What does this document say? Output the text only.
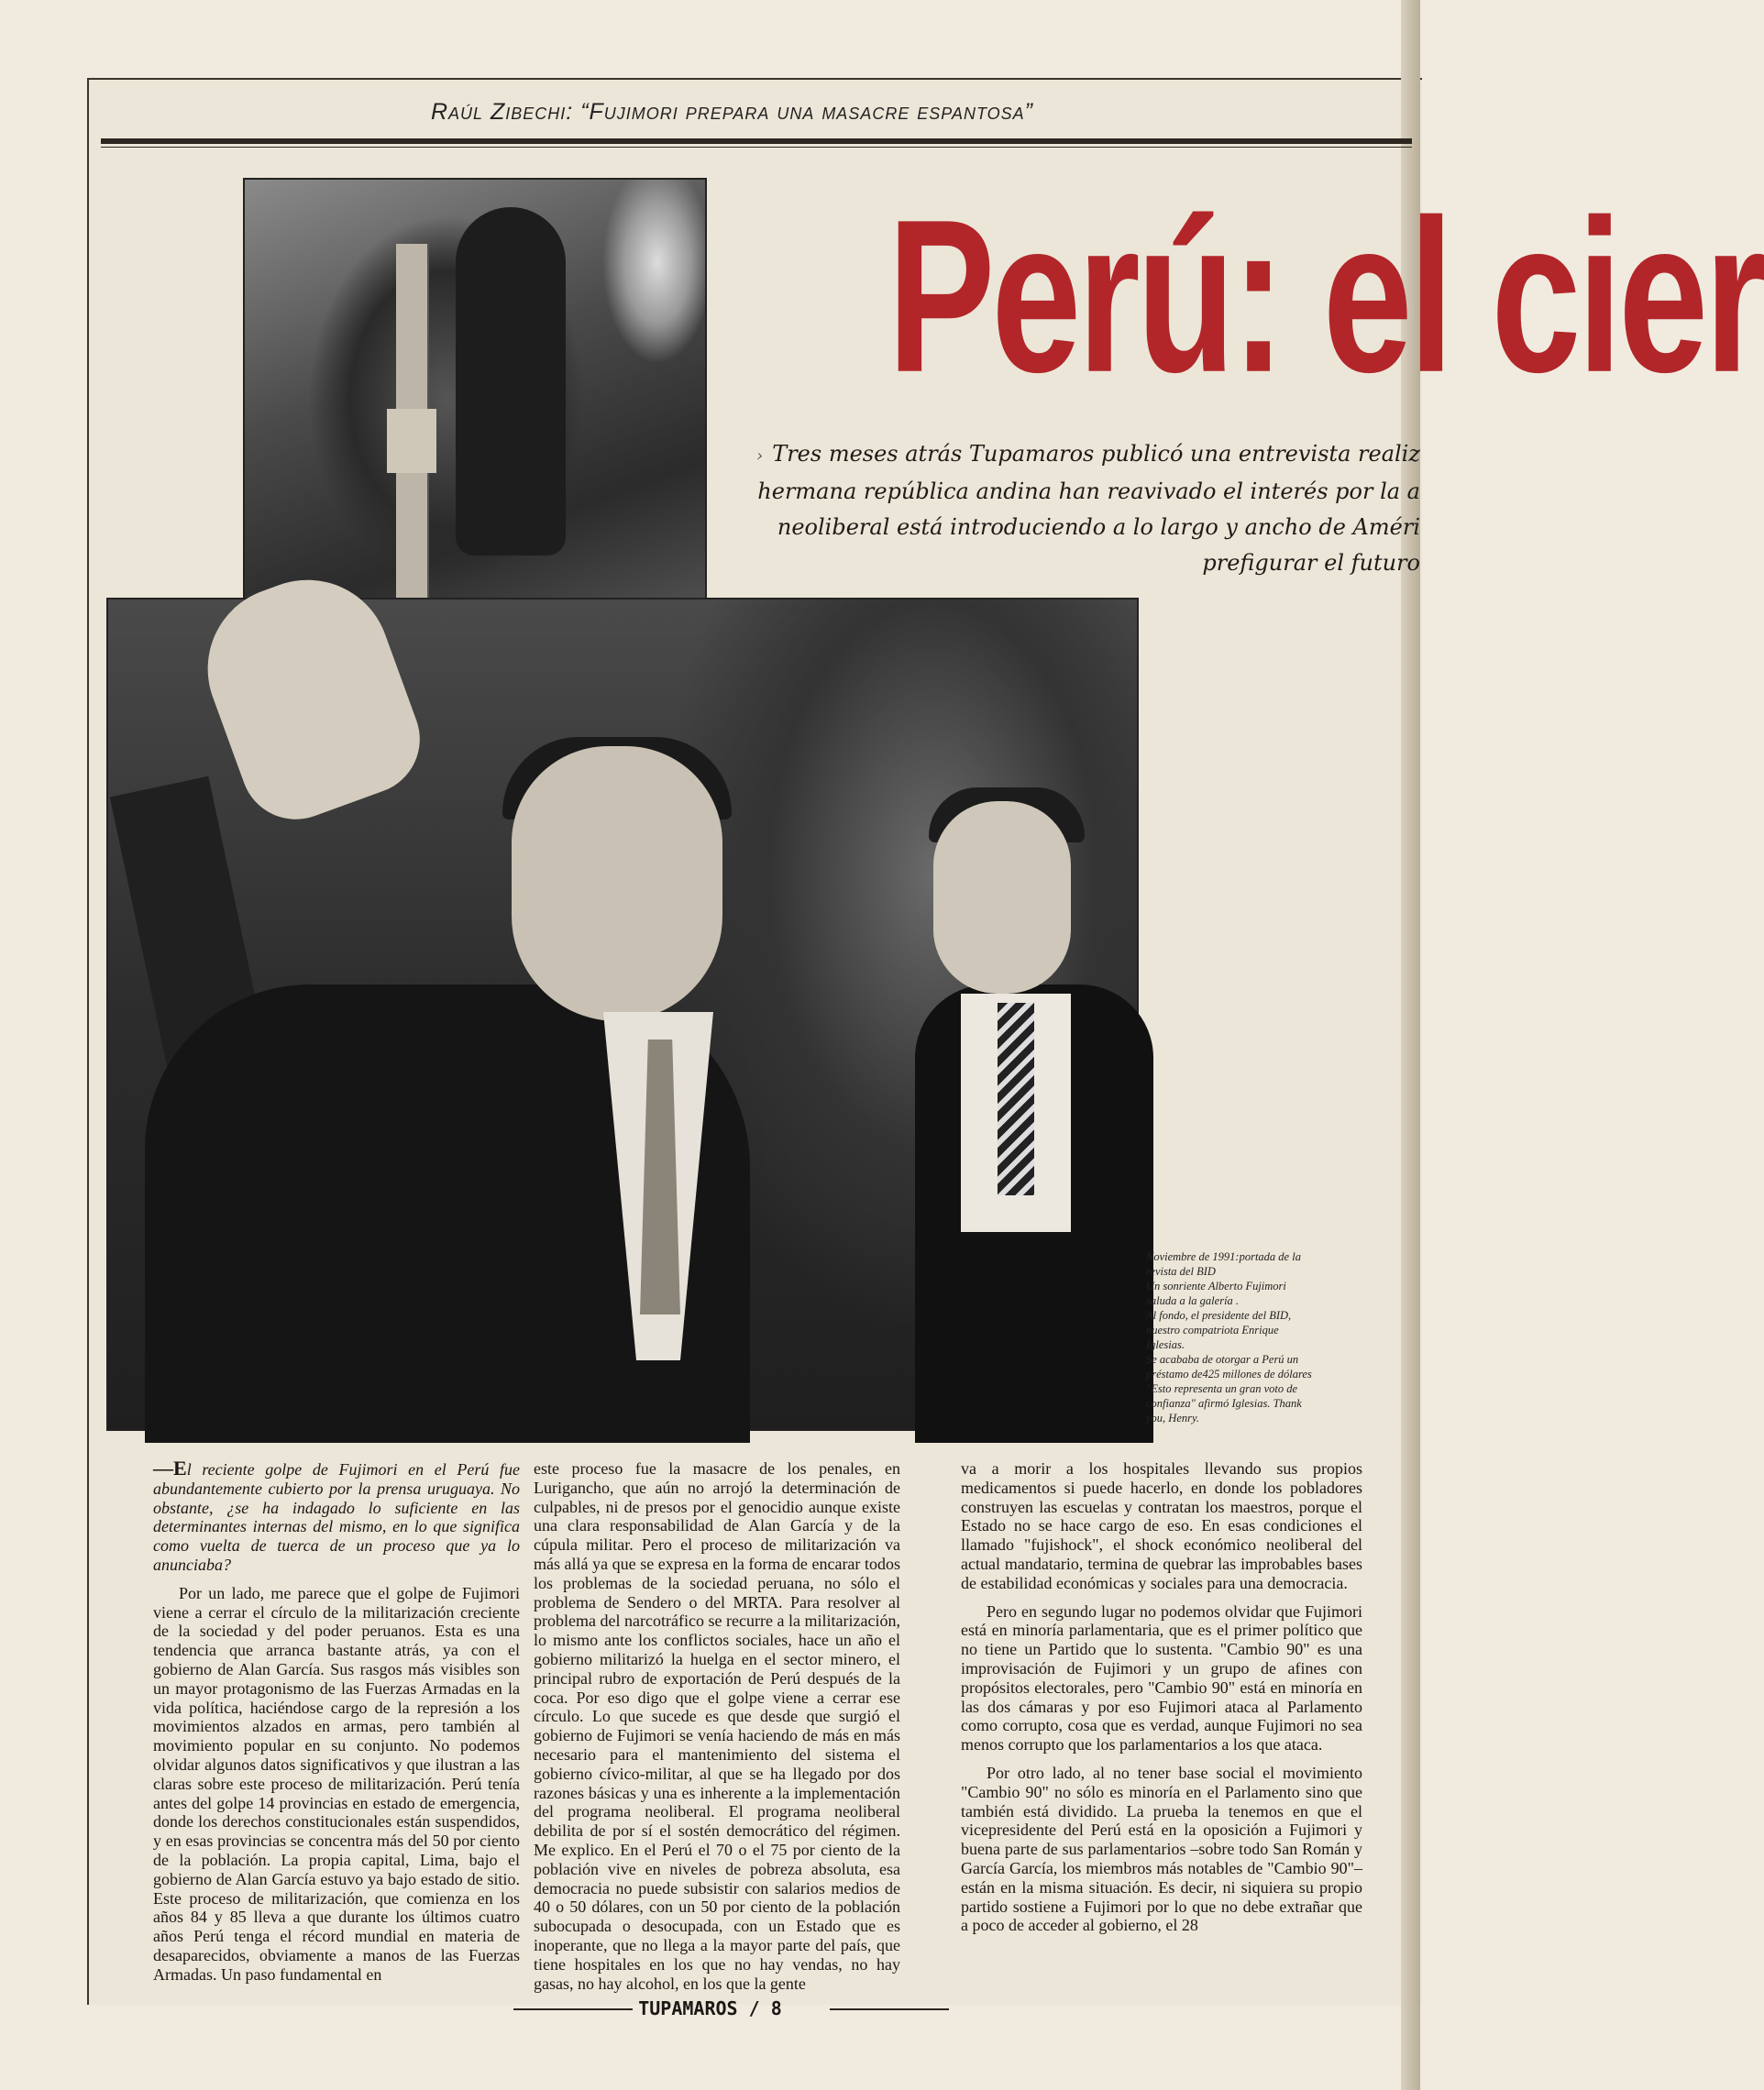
Raúl Zibechi: “Fujimori prepara una masacre espantosa”
Perú: el cier
› Tres meses atrás Tupamaros publicó una entrevista realiz
hermana república andina han reavivado el interés por la a
neoliberal está introduciendo a lo largo y ancho de Améri
prefigurar el futuro
Noviembre de 1991:portada de la
revista del BID
Un sonriente Alberto Fujimori
saluda a la galería .
Al fondo, el presidente del BID,
nuestro compatriota Enrique
Iglesias.
Se acababa de otorgar a Perú un
préstamo de425 millones de dólares
"Esto representa un gran voto de
confianza" afirmó Iglesias. Thank
you, Henry.

—El reciente golpe de Fujimori en el Perú fue abundantemente cubierto por la prensa uruguaya. No obstante, ¿se ha indagado lo suficiente en las determinantes internas del mismo, en lo que significa como vuelta de tuerca de un proceso que ya lo anunciaba?

Por un lado, me parece que el golpe de Fujimori viene a cerrar el círculo de la militarización creciente de la sociedad y del poder peruanos. Esta es una tendencia que arranca bastante atrás, ya con el gobierno de Alan García. Sus rasgos más visibles son un mayor protagonismo de las Fuerzas Armadas en la vida política, haciéndose cargo de la represión a los movimientos alzados en armas, pero también al movimiento popular en su conjunto. No podemos olvidar algunos datos significativos y que ilustran a las claras sobre este proceso de militarización. Perú tenía antes del golpe 14 provincias en estado de emergencia, donde los derechos constitucionales están suspendidos, y en esas provincias se concentra más del 50 por ciento de la población. La propia capital, Lima, bajo el gobierno de Alan García estuvo ya bajo estado de sitio. Este proceso de militarización, que comienza en los años 84 y 85 lleva a que durante los últimos cuatro años Perú tenga el récord mundial en materia de desaparecidos, obviamente a manos de las Fuerzas Armadas. Un paso fundamental en

este proceso fue la masacre de los penales, en Lurigancho, que aún no arrojó la determinación de culpables, ni de presos por el genocidio aunque existe una clara responsabilidad de Alan García y de la cúpula militar. Pero el proceso de militarización va más allá ya que se expresa en la forma de encarar todos los problemas de la sociedad peruana, no sólo el problema de Sendero o del MRTA. Para resolver al problema del narcotráfico se recurre a la militarización, lo mismo ante los conflictos sociales, hace un año el gobierno militarizó la huelga en el sector minero, el principal rubro de exportación de Perú después de la coca. Por eso digo que el golpe viene a cerrar ese círculo. Lo que sucede es que desde que surgió el gobierno de Fujimori se venía haciendo de más en más necesario para el mantenimiento del sistema el gobierno cívico-militar, al que se ha llegado por dos razones básicas y una es inherente a la implementación del programa neoliberal. El programa neoliberal debilita de por sí el sostén democrático del régimen. Me explico. En el Perú el 70 o el 75 por ciento de la población vive en niveles de pobreza absoluta, esa democracia no puede subsistir con salarios medios de 40 o 50 dólares, con un 50 por ciento de la población subocupada o desocupada, con un Estado que es inoperante, que no llega a la mayor parte del país, que tiene hospitales en los que no hay vendas, no hay gasas, no hay alcohol, en los que la gente

va a morir a los hospitales llevando sus propios medicamentos si puede hacerlo, en donde los pobladores construyen las escuelas y contratan los maestros, porque el Estado no se hace cargo de eso. En esas condiciones el llamado "fujishock", el shock económico neoliberal del actual mandatario, termina de quebrar las improbables bases de estabilidad económicas y sociales para una democracia.

Pero en segundo lugar no podemos olvidar que Fujimori está en minoría parlamentaria, que es el primer político que no tiene un Partido que lo sustenta. "Cambio 90" es una improvisación de Fujimori y un grupo de afines con propósitos electorales, pero "Cambio 90" está en minoría en las dos cámaras y por eso Fujimori ataca al Parlamento como corrupto, cosa que es verdad, aunque Fujimori no sea menos corrupto que los parlamentarios a los que ataca.

Por otro lado, al no tener base social el movimiento "Cambio 90" no sólo es minoría en el Parlamento sino que también está dividido. La prueba la tenemos en que el vicepresidente del Perú está en la oposición a Fujimori y buena parte de sus parlamentarios –sobre todo San Román y García García, los miembros más notables de "Cambio 90"– están en la misma situación. Es decir, ni siquiera su propio partido sostiene a Fujimori por lo que no debe extrañar que a poco de acceder al gobierno, el 28

TUPAMAROS / 8
